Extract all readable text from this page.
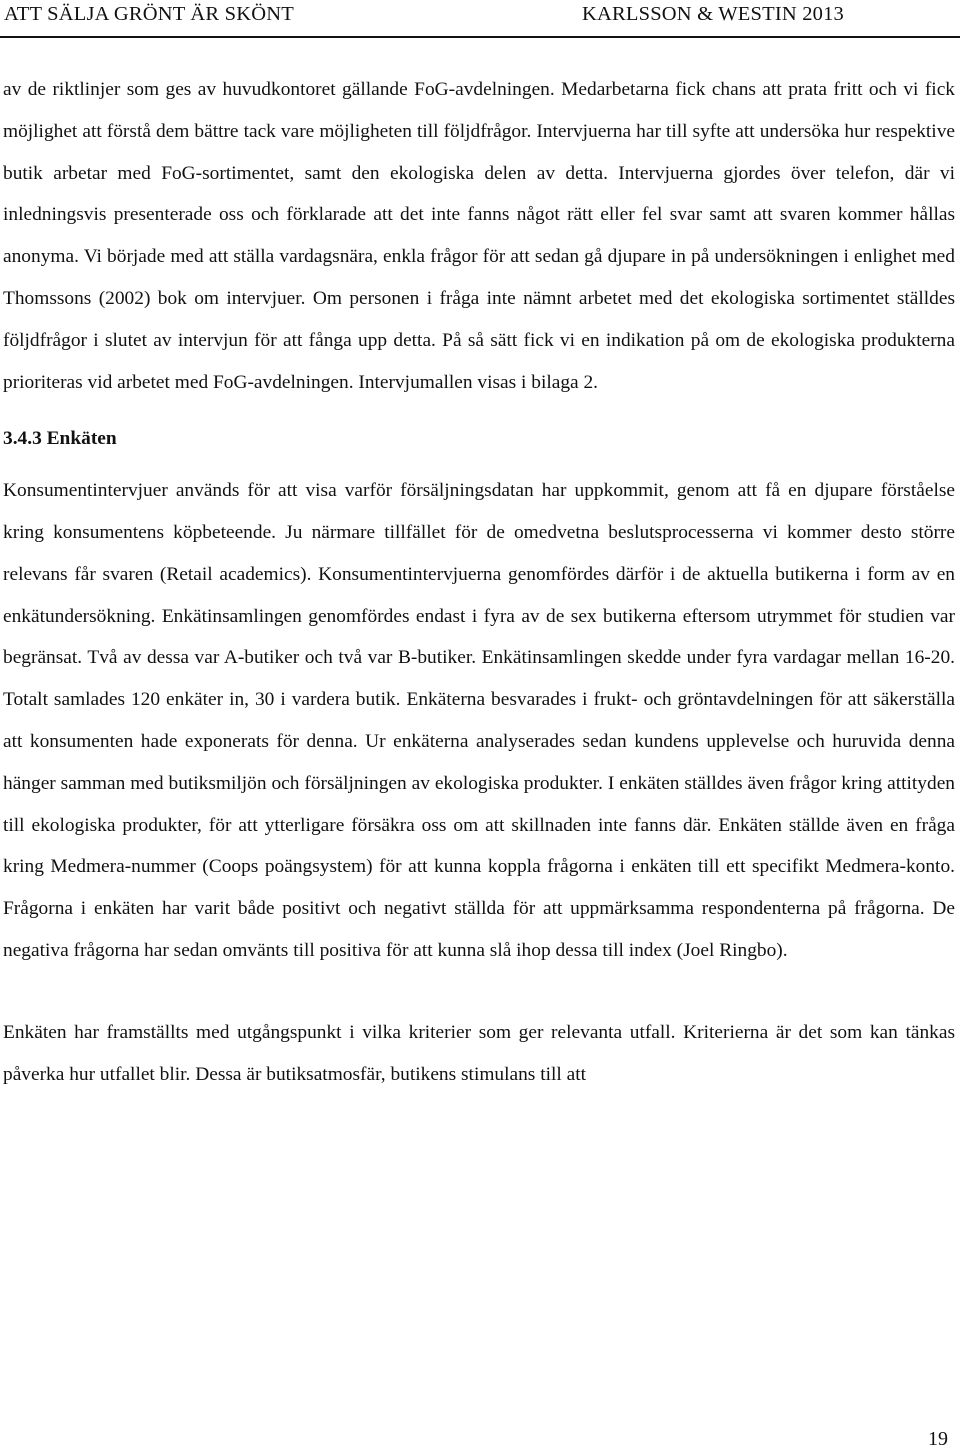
ATT SÄLJA GRÖNT ÄR SKÖNT	KARLSSON & WESTIN 2013

av de riktlinjer som ges av huvudkontoret gällande FoG-avdelningen. Medarbetarna fick chans att prata fritt och vi fick möjlighet att förstå dem bättre tack vare möjligheten till följdfrågor. Intervjuerna har till syfte att undersöka hur respektive butik arbetar med FoG-sortimentet, samt den ekologiska delen av detta. Intervjuerna gjordes över telefon, där vi inledningsvis presenterade oss och förklarade att det inte fanns något rätt eller fel svar samt att svaren kommer hållas anonyma. Vi började med att ställa vardagsnära, enkla frågor för att sedan gå djupare in på undersökningen i enlighet med Thomssons (2002) bok om intervjuer. Om personen i fråga inte nämnt arbetet med det ekologiska sortimentet ställdes följdfrågor i slutet av intervjun för att fånga upp detta. På så sätt fick vi en indikation på om de ekologiska produkterna prioriteras vid arbetet med FoG-avdelningen. Intervjumallen visas i bilaga 2.

3.4.3 Enkäten

Konsumentintervjuer används för att visa varför försäljningsdatan har uppkommit, genom att få en djupare förståelse kring konsumentens köpbeteende. Ju närmare tillfället för de omedvetna beslutsprocesserna vi kommer desto större relevans får svaren (Retail academics). Konsumentintervjuerna genomfördes därför i de aktuella butikerna i form av en enkätundersökning. Enkätinsamlingen genomfördes endast i fyra av de sex butikerna eftersom utrymmet för studien var begränsat. Två av dessa var A-butiker och två var B-butiker. Enkätinsamlingen skedde under fyra vardagar mellan 16-20. Totalt samlades 120 enkäter in, 30 i vardera butik. Enkäterna besvarades i frukt- och gröntavdelningen för att säkerställa att konsumenten hade exponerats för denna. Ur enkäterna analyserades sedan kundens upplevelse och huruvida denna hänger samman med butiksmiljön och försäljningen av ekologiska produkter. I enkäten ställdes även frågor kring attityden till ekologiska produkter, för att ytterligare försäkra oss om att skillnaden inte fanns där. Enkäten ställde även en fråga kring Medmera-nummer (Coops poängsystem) för att kunna koppla frågorna i enkäten till ett specifikt Medmera-konto. Frågorna i enkäten har varit både positivt och negativt ställda för att uppmärksamma respondenterna på frågorna. De negativa frågorna har sedan omvänts till positiva för att kunna slå ihop dessa till index (Joel Ringbo).

Enkäten har framställts med utgångspunkt i vilka kriterier som ger relevanta utfall. Kriterierna är det som kan tänkas påverka hur utfallet blir. Dessa är butiksatmosfär, butikens stimulans till att

19
